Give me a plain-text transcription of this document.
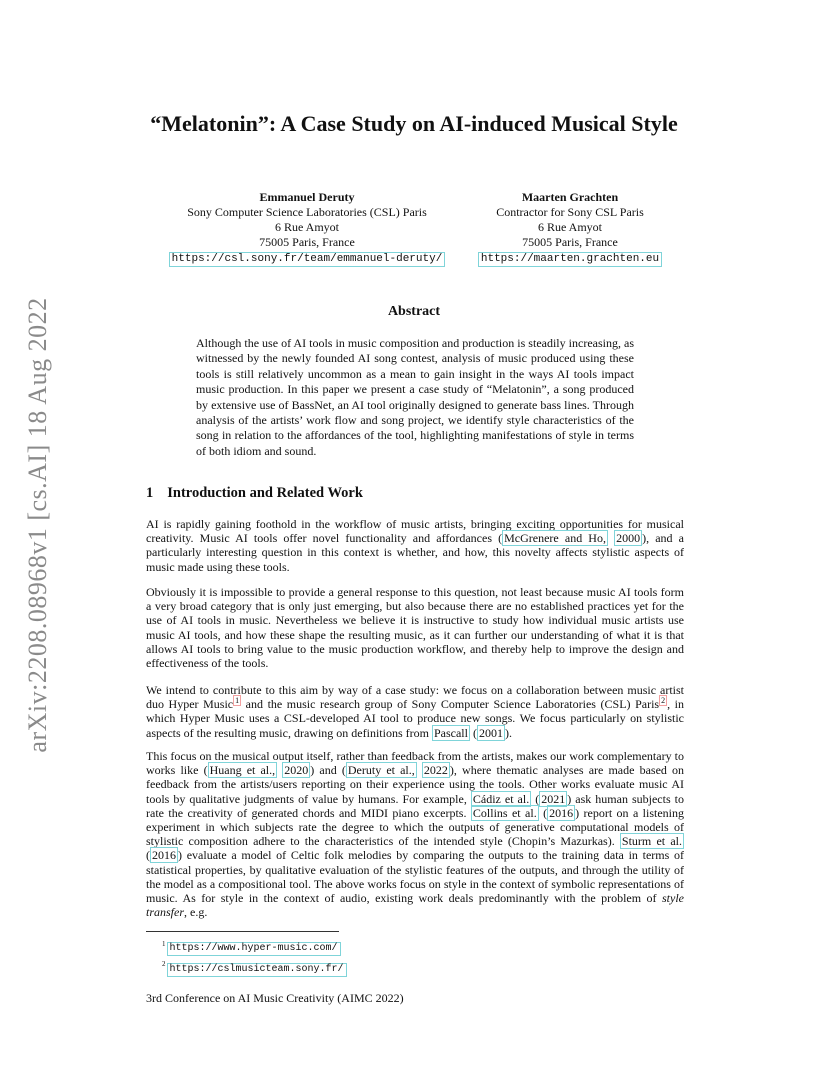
arXiv:2208.08968v1 [cs.AI] 18 Aug 2022
“Melatonin”: A Case Study on AI-induced Musical Style
Emmanuel Deruty
Sony Computer Science Laboratories (CSL) Paris
6 Rue Amyot
75005 Paris, France
https://csl.sony.fr/team/emmanuel-deruty/
Maarten Grachten
Contractor for Sony CSL Paris
6 Rue Amyot
75005 Paris, France
https://maarten.grachten.eu
Abstract

Although the use of AI tools in music composition and production is steadily increasing, as witnessed by the newly founded AI song contest, analysis of music produced using these tools is still relatively uncommon as a mean to gain insight in the ways AI tools impact music production. In this paper we present a case study of “Melatonin”, a song produced by extensive use of BassNet, an AI tool originally designed to generate bass lines. Through analysis of the artists’ work flow and song project, we identify style characteristics of the song in relation to the affordances of the tool, highlighting manifestations of style in terms of both idiom and sound.

1 Introduction and Related Work

AI is rapidly gaining foothold in the workflow of music artists, bringing exciting opportunities for musical creativity. Music AI tools offer novel functionality and affordances ( McGrenere and Ho, 2000 ), and a particularly interesting question in this context is whether, and how, this novelty affects stylistic aspects of music made using these tools.

Obviously it is impossible to provide a general response to this question, not least because music AI tools form a very broad category that is only just emerging, but also because there are no established practices yet for the use of AI tools in music. Nevertheless we believe it is instructive to study how individual music artists use music AI tools, and how these shape the resulting music, as it can further our understanding of what it is that allows AI tools to bring value to the music production workflow, and thereby help to improve the design and effectiveness of the tools.

We intend to contribute to this aim by way of a case study: we focus on a collaboration between music artist duo Hyper Music $^1$ and the music research group of Sony Computer Science Laboratories (CSL) Paris $^2$ , in which Hyper Music uses a CSL-developed AI tool to produce new songs. We focus particularly on stylistic aspects of the resulting music, drawing on definitions from Pascall ( 2001 ).

This focus on the musical output itself, rather than feedback from the artists, makes our work complementary to works like ( Huang et al., 2020 ) and ( Deruty et al., 2022 ), where thematic analyses are made based on feedback from the artists/users reporting on their experience using the tools. Other works evaluate music AI tools by qualitative judgments of value by humans. For example, Cádiz et al. ( 2021 ) ask human subjects to rate the creativity of generated chords and MIDI piano excerpts. Collins et al. ( 2016 ) report on a listening experiment in which subjects rate the degree to which the outputs of generative computational models of stylistic composition adhere to the characteristics of the intended style (Chopin’s Mazurkas). Sturm et al. ( 2016 ) evaluate a model of Celtic folk melodies by comparing the outputs to the training data in terms of statistical properties, by qualitative evaluation of the stylistic features of the outputs, and through the utility of the model as a compositional tool. The above works focus on style in the context of symbolic representations of music. As for style in the context of audio, existing work deals predominantly with the problem of style transfer, e.g.

$^1$ https://www.hyper-music.com/
$^2$ https://cslmusicteam.sony.fr/
3rd Conference on AI Music Creativity (AIMC 2022)
